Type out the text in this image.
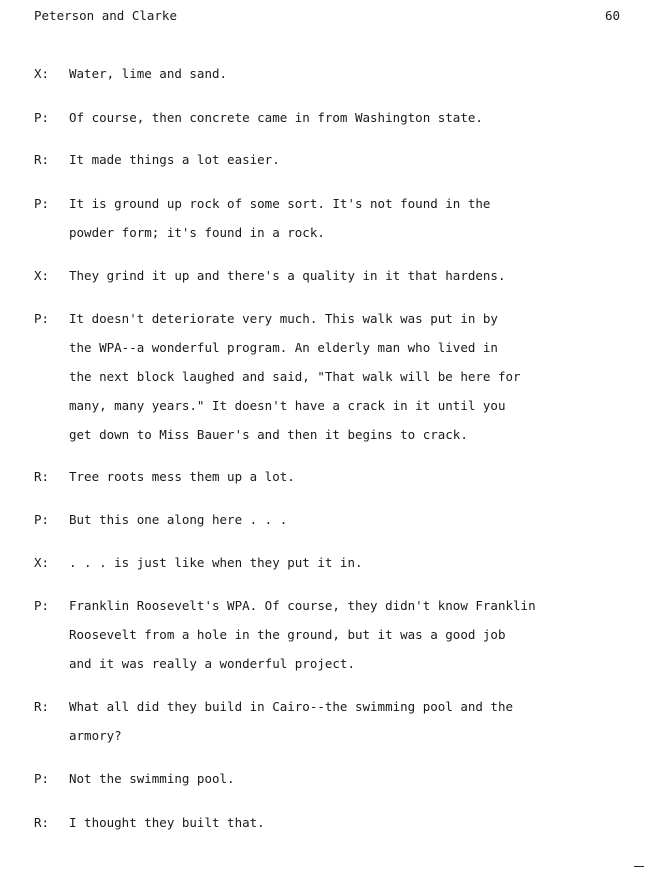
Peterson and Clarke	60
X: Water, lime and sand.
P: Of course, then concrete came in from Washington state.
R: It made things a lot easier.
P: It is ground up rock of some sort. It's not found in the
powder form; it's found in a rock.
X: They grind it up and there's a quality in it that hardens.
P: It doesn't deteriorate very much. This walk was put in by
the WPA--a wonderful program. An elderly man who lived in
the next block laughed and said, "That walk will be here for
many, many years." It doesn't have a crack in it until you
get down to Miss Bauer's and then it begins to crack.
R: Tree roots mess them up a lot.
P: But this one along here . . .
X: . . . is just like when they put it in.
P: Franklin Roosevelt's WPA. Of course, they didn't know Franklin
Roosevelt from a hole in the ground, but it was a good job
and it was really a wonderful project.
R: What all did they build in Cairo--the swimming pool and the
armory?
P: Not the swimming pool.
R: I thought they built that.
